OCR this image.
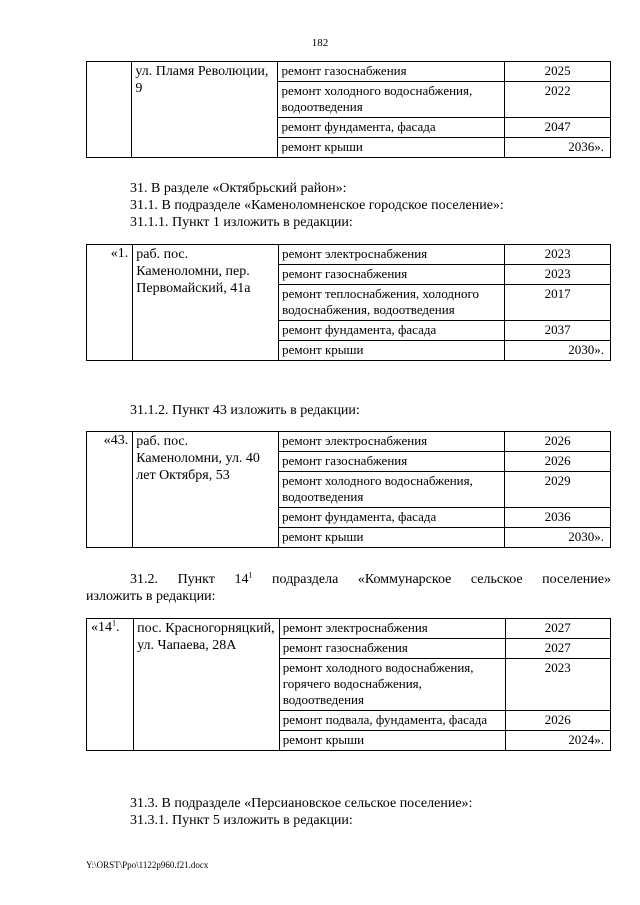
182
	ул. Пламя Революции, 9	ремонт газоснабжения	2025
		ремонт холодного водоснабжения, водоотведения	2022
		ремонт фундамента, фасада	2047
		ремонт крыши	2036».
31. В разделе «Октябрьский район»:
31.1. В подразделе «Каменоломненское городское поселение»:
31.1.1. Пункт 1 изложить в редакции:
«1.	раб. пос. Каменоломни, пер. Первомайский, 41а	ремонт электроснабжения	2023
		ремонт газоснабжения	2023
		ремонт теплоснабжения, холодного водоснабжения, водоотведения	2017
		ремонт фундамента, фасада	2037
		ремонт крыши	2030».
31.1.2. Пункт 43 изложить в редакции:
«43.	раб. пос. Каменоломни, ул. 40 лет Октября, 53	ремонт электроснабжения	2026
		ремонт газоснабжения	2026
		ремонт холодного водоснабжения, водоотведения	2029
		ремонт фундамента, фасада	2036
		ремонт крыши	2030».
31.2. Пункт $14^1$ подраздела «Коммунарское сельское поселение»
изложить в редакции:
«$14^1$.	пос. Красногорняцкий, ул. Чапаева, 28А	ремонт электроснабжения	2027
		ремонт газоснабжения	2027
		ремонт холодного водоснабжения, горячего водоснабжения, водоотведения	2023
		ремонт подвала, фундамента, фасада	2026
		ремонт крыши	2024».
31.3. В подразделе «Персиановское сельское поселение»:
31.3.1. Пункт 5 изложить в редакции:
Y:\ORST\Ppo\1122p960.f21.docx
